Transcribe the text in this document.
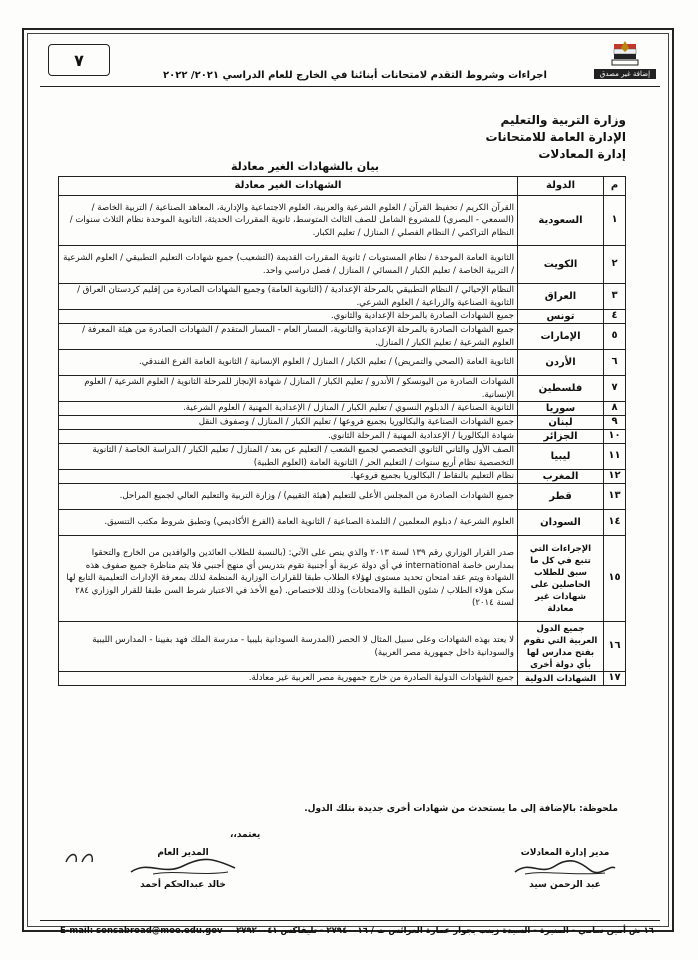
إضافة غير مصدق
٧
اجراءات وشروط التقدم لامتحانات أبنائنا في الخارج للعام الدراسي ٢٠٢١/ ٢٠٢٢
وزارة التربية والتعليم
الإدارة العامة للامتحانات
إدارة المعادلات
بيان بالشهادات الغير معادلة
م	الدولة	الشهادات الغير معادلة
١	السعودية	القرآن الكريم / تحفيظ القرآن / العلوم الشرعية والعربية، العلوم الاجتماعية والإدارية، المعاهد الصناعية / التربية الخاصة / (السمعي - البصري) للمشروع الشامل للصف الثالث المتوسط، ثانوية المقررات الحديثة، الثانوية الموحدة نظام الثلاث سنوات / النظام التراكمي / النظام الفصلي / المنازل / تعليم الكبار.
٢	الكويت	الثانوية العامة الموحدة / نظام المستويات / ثانوية المقررات القديمة (التشعيب) جميع شهادات التعليم التطبيقي / العلوم الشرعية / التربية الخاصة / تعليم الكبار / المسائي / المنازل / فصل دراسي واحد.
٣	العراق	النظام الإحيائي / النظام التطبيقي بالمرحلة الإعدادية / (الثانوية العامة) وجميع الشهادات الصادرة من إقليم كردستان العراق / الثانوية الصناعية والزراعية / العلوم الشرعي.
٤	تونس	جميع الشهادات الصادرة بالمرحلة الإعدادية والثانوي.
٥	الإمارات	جميع الشهادات الصادرة بالمرحلة الإعدادية والثانوية، المسار العام - المسار المتقدم / الشهادات الصادرة من هيئة المعرفة / العلوم الشرعية / تعليم الكبار / المنازل.
٦	الأردن	الثانوية العامة (الصحي والتمريض) / تعليم الكبار / المنازل / العلوم الإنسانية / الثانوية العامة الفرع الفندقي.
٧	فلسطين	الشهادات الصادرة من اليونسكو / الأندرو / تعليم الكبار / المنازل / شهادة الإنجاز للمرحلة الثانوية / العلوم الشرعية / العلوم الإنسانية.
٨	سوريا	الثانوية الصناعية / الدبلوم النسوي / تعليم الكبار / المنازل / الإعدادية المهنية / العلوم الشرعية.
٩	لبنان	جميع الشهادات الصناعية والبكالوريا بجميع فروعها / تعليم الكبار / المنازل / وصفوف النقل
١٠	الجزائر	شهادة البكالوريا / الإعدادية المهنية / المرحلة الثانوي.
١١	ليبيا	الصف الأول والثاني الثانوي التخصصي لجميع الشعب / التعليم عن بعد / المنازل / تعليم الكبار / الدراسة الخاصة / الثانوية التخصصية نظام أربع سنوات / التعليم الحر / الثانوية العامة (العلوم الطبية)
١٢	المغرب	نظام التعليم بالنقاط / البكالوريا بجميع فروعها.
١٣	قطر	جميع الشهادات الصادرة من المجلس الأعلى للتعليم (هيئة التقييم) / وزارة التربية والتعليم العالي لجميع المراحل.
١٤	السودان	العلوم الشرعية / دبلوم المعلمين / التلمذة الصناعية / الثانوية العامة (الفرع الأكاديمي) وتطبق شروط مكتب التنسيق.
١٥	الإجراءات التي تتبع في كل ما سبق للطلاب الحاصلين على شهادات غير معادلة	صدر القرار الوزاري رقم ١٣٩ لسنة ٢٠١٣ والذي ينص على الآتي: (بالنسبة للطلاب العائدين والوافدين من الخارج والتحقوا بمدارس خاصة international في أي دولة عربية أو أجنبية تقوم بتدريس أي منهج أجنبي فلا يتم مناظرة جميع صفوف هذه الشهادة ويتم عقد امتحان تحديد مستوى لهؤلاء الطلاب طبقا للقرارات الوزارية المنظمة لذلك بمعرفة الإدارات التعليمية التابع لها سكن هؤلاء الطلاب / شئون الطلبة والامتحانات) وذلك للاختصاص. (مع الأخذ في الاعتبار شرط السن طبقا للقرار الوزاري ٢٨٤ لسنة ٢٠١٤)
١٦	جميع الدول العربية التي تقوم بفتح مدارس لها بأي دولة أخرى	لا يعتد بهذه الشهادات وعلى سبيل المثال لا الحصر (المدرسة السودانية بليبيا - مدرسة الملك فهد بفيينا - المدارس الليبية والسودانية داخل جمهورية مصر العربية)
١٧	الشهادات الدولية	جميع الشهادات الدولية الصادرة من خارج جمهورية مصر العربية غير معادلة.
ملحوظة: بالإضافة إلى ما يستحدث من شهادات أخرى جديدة بتلك الدول.
يعتمد،،
مدير إدارة المعادلات
عبد الرحمن سيد
المدير العام
خالد عبدالحكم أحمد
١٦ ش أمين سامي - المنيرة - السيدة زينب بجوار عمارة العرائس ت / ٢٧٩٤٠٠١٦ - تليفاكس ٢٧٩٢٠٠٤١
E-mail: sonsabroad@moe.edu.gov
